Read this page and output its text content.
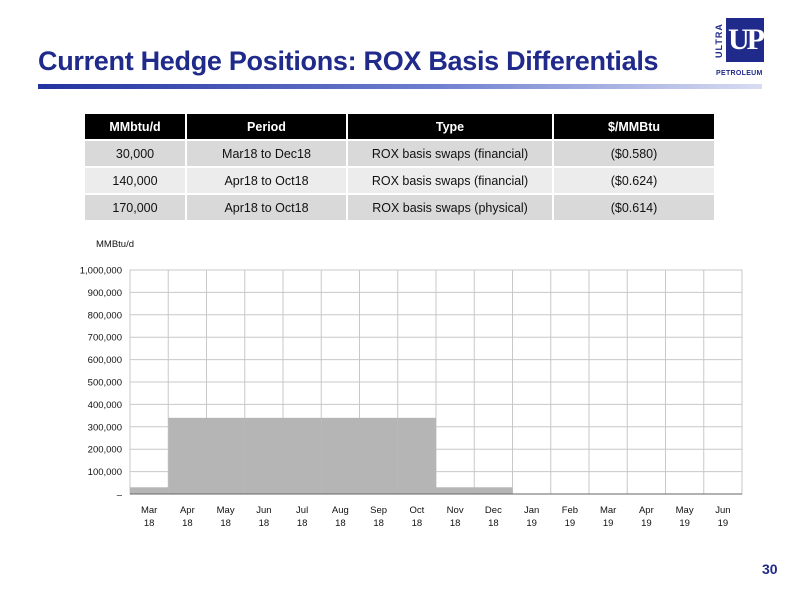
Current Hedge Positions: ROX Basis Differentials
ULTRA UP
PETROLEUM
MMbtu/d	Period	Type	$/MMBtu
30,000	Mar18 to Dec18	ROX basis swaps (financial)	($0.580)
140,000	Apr18 to Oct18	ROX basis swaps (financial)	($0.624)
170,000	Apr18 to Oct18	ROX basis swaps (physical)	($0.614)
–
100,000
200,000
300,000
400,000
500,000
600,000
700,000
800,000
900,000
1,000,000
Mar
18
Apr
18
May
18
Jun
18
Jul
18
Aug
18
Sep
18
Oct
18
Nov
18
Dec
18
Jan
19
Feb
19
Mar
19
Apr
19
May
19
Jun
19
MMBtu/d
30
